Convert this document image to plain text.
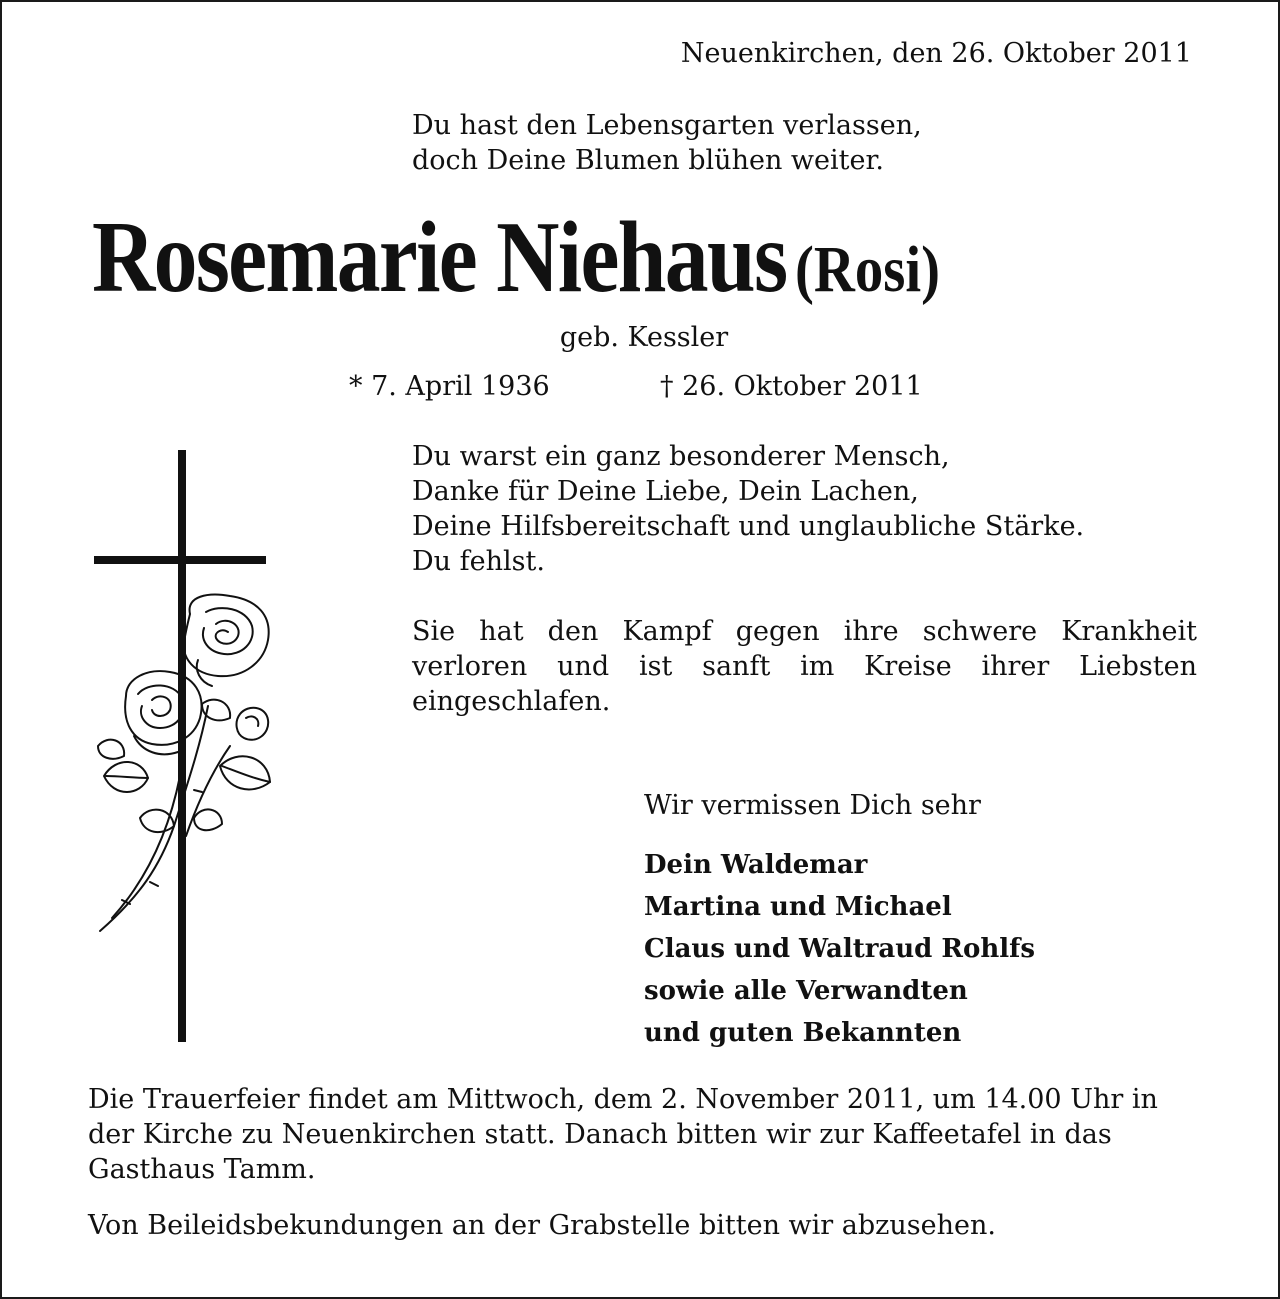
Neuenkirchen, den 26. Oktober 2011
Du hast den Lebensgarten verlassen,
doch Deine Blumen blühen weiter.
Rosemarie Niehaus (Rosi)
geb. Kessler
* 7. April 1936	† 26. Oktober 2011

Du warst ein ganz besonderer Mensch,

Danke für Deine Liebe, Dein Lachen,

Deine Hilfsbereitschaft und unglaubliche Stärke.

Du fehlst.

Sie hat den Kampf gegen ihre schwere Krankheit verloren und ist sanft im Kreise ihrer Liebsten eingeschlafen.

Wir vermissen Dich sehr
Dein Waldemar
Martina und Michael
Claus und Waltraud Rohlfs
sowie alle Verwandten
und guten Bekannten
Die Trauerfeier findet am Mittwoch, dem 2. November 2011, um 14.00 Uhr in der Kirche zu Neuenkirchen statt. Danach bitten wir zur Kaffeetafel in das Gasthaus Tamm.
Von Beileidsbekundungen an der Grabstelle bitten wir abzusehen.
